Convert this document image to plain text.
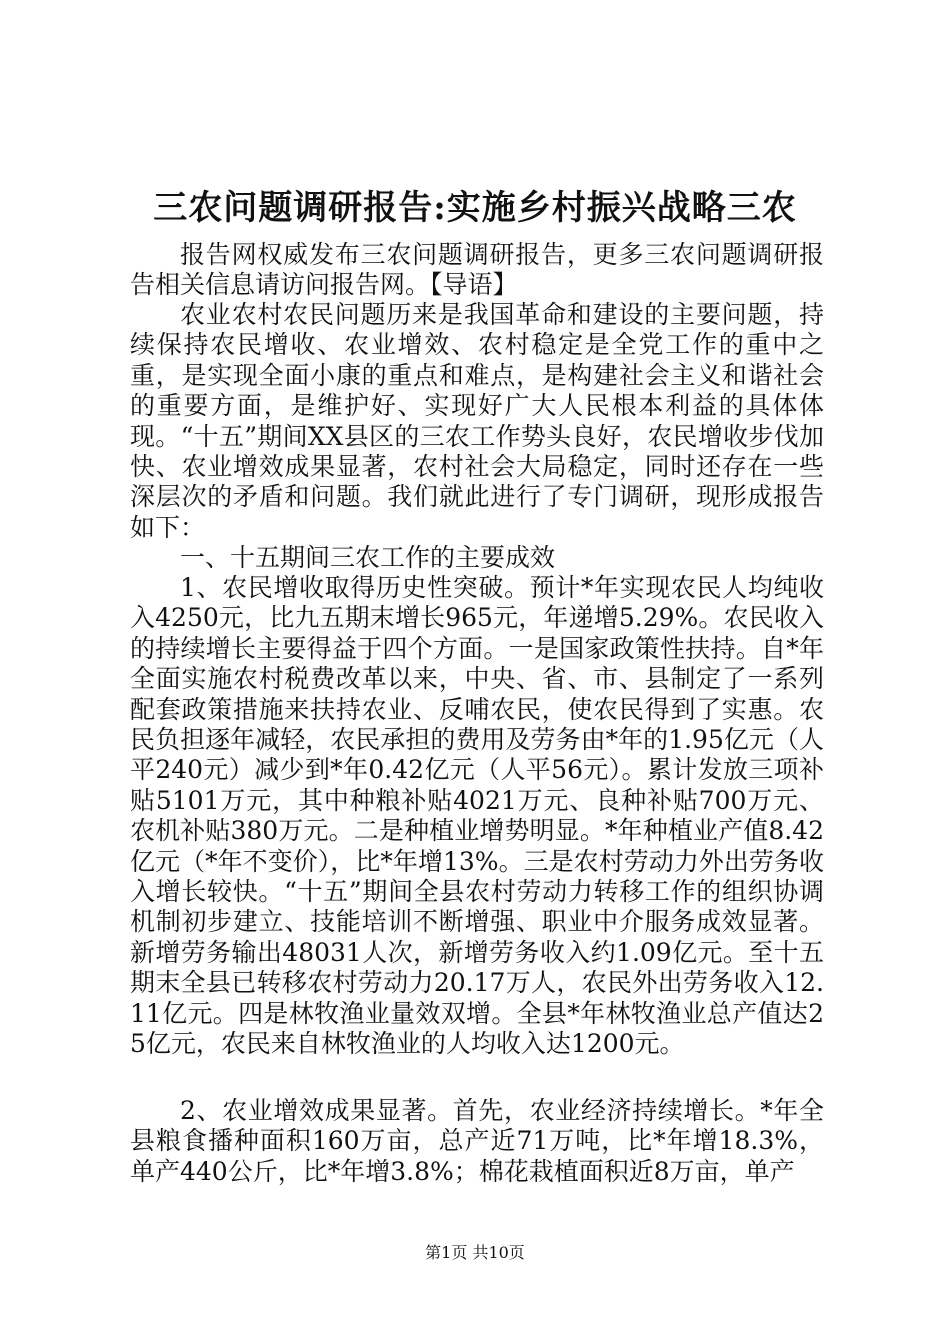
三农问题调研报告:实施乡村振兴战略三农

报告网权威发布三农问题调研报告，更多三农问题调研报告相关信息请访问报告网。【导语】

农业农村农民问题历来是我国革命和建设的主要问题，持续保持农民增收、农业增效、农村稳定是全党工作的重中之重，是实现全面小康的重点和难点，是构建社会主义和谐社会的重要方面，是维护好、实现好广大人民根本利益的具体体现。“十五”期间XX县区的三农工作势头良好，农民增收步伐加快、农业增效成果显著，农村社会大局稳定，同时还存在一些深层次的矛盾和问题。我们就此进行了专门调研，现形成报告如下：

一、十五期间三农工作的主要成效

1、农民增收取得历史性突破。预计*年实现农民人均纯收入4250元，比九五期末增长965元，年递增5.29%。农民收入的持续增长主要得益于四个方面。一是国家政策性扶持。自*年全面实施农村税费改革以来，中央、省、市、县制定了一系列配套政策措施来扶持农业、反哺农民，使农民得到了实惠。农民负担逐年减轻，农民承担的费用及劳务由*年的1.95亿元（人平240元）减少到*年0.42亿元（人平56元）。累计发放三项补贴5101万元，其中种粮补贴4021万元、良种补贴700万元、农机补贴380万元。二是种植业增势明显。*年种植业产值8.42亿元（*年不变价），比*年增13%。三是农村劳动力外出劳务收入增长较快。“十五”期间全县农村劳动力转移工作的组织协调机制初步建立、技能培训不断增强、职业中介服务成效显著。新增劳务输出48031人次，新增劳务收入约1.09亿元。至十五期末全县已转移农村劳动力20.17万人，农民外出劳务收入12.11亿元。四是林牧渔业量效双增。全县*年林牧渔业总产值达25亿元，农民来自林牧渔业的人均收入达1200元。

2、农业增效成果显著。首先，农业经济持续增长。*年全县粮食播种面积160万亩，总产近71万吨，比*年增18.3%，单产440公斤，比*年增3.8%；棉花栽植面积近8万亩，单产

第1页 共10页
